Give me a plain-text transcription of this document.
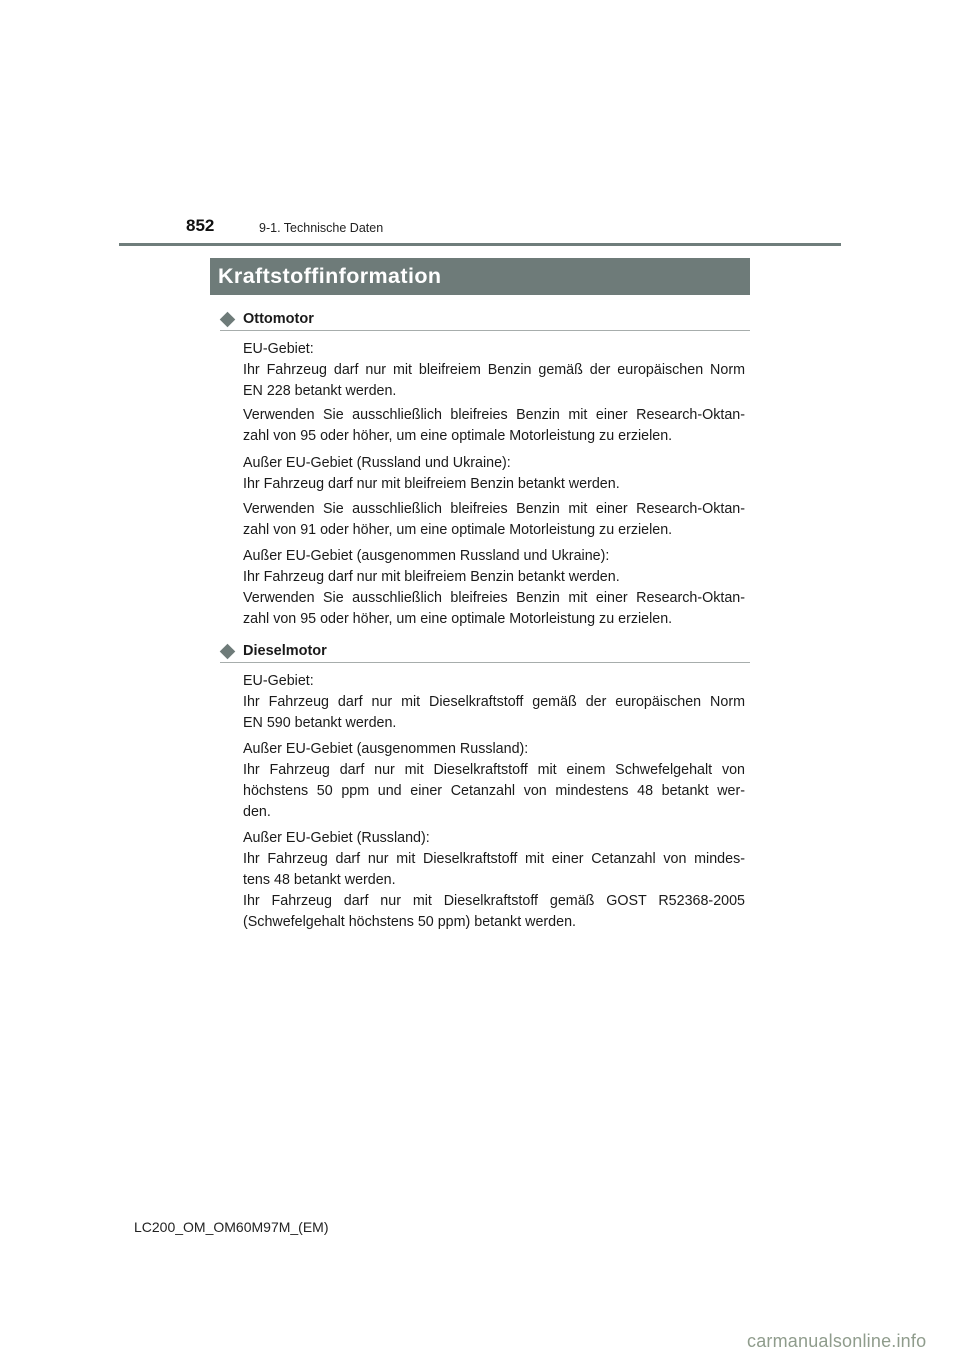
852	9-1. Technische Daten
Kraftstoffinformation
Ottomotor

EU-Gebiet:
Ihr Fahrzeug darf nur mit bleifreiem Benzin gemäß der europäischen Norm
EN 228 betankt werden.

Verwenden Sie ausschließlich bleifreies Benzin mit einer Research-Oktan-
zahl von 95 oder höher, um eine optimale Motorleistung zu erzielen.

Außer EU-Gebiet (Russland und Ukraine):
Ihr Fahrzeug darf nur mit bleifreiem Benzin betankt werden.

Verwenden Sie ausschließlich bleifreies Benzin mit einer Research-Oktan-
zahl von 91 oder höher, um eine optimale Motorleistung zu erzielen.

Außer EU-Gebiet (ausgenommen Russland und Ukraine):
Ihr Fahrzeug darf nur mit bleifreiem Benzin betankt werden.
Verwenden Sie ausschließlich bleifreies Benzin mit einer Research-Oktan-
zahl von 95 oder höher, um eine optimale Motorleistung zu erzielen.

Dieselmotor

EU-Gebiet:
Ihr Fahrzeug darf nur mit Dieselkraftstoff gemäß der europäischen Norm
EN 590 betankt werden.

Außer EU-Gebiet (ausgenommen Russland):
Ihr Fahrzeug darf nur mit Dieselkraftstoff mit einem Schwefelgehalt von
höchstens 50 ppm und einer Cetanzahl von mindestens 48 betankt wer-
den.

Außer EU-Gebiet (Russland):
Ihr Fahrzeug darf nur mit Dieselkraftstoff mit einer Cetanzahl von mindes-
tens 48 betankt werden.
Ihr Fahrzeug darf nur mit Dieselkraftstoff gemäß GOST R52368-2005
(Schwefelgehalt höchstens 50 ppm) betankt werden.

LC200_OM_OM60M97M_(EM)
carmanualsonline.info
